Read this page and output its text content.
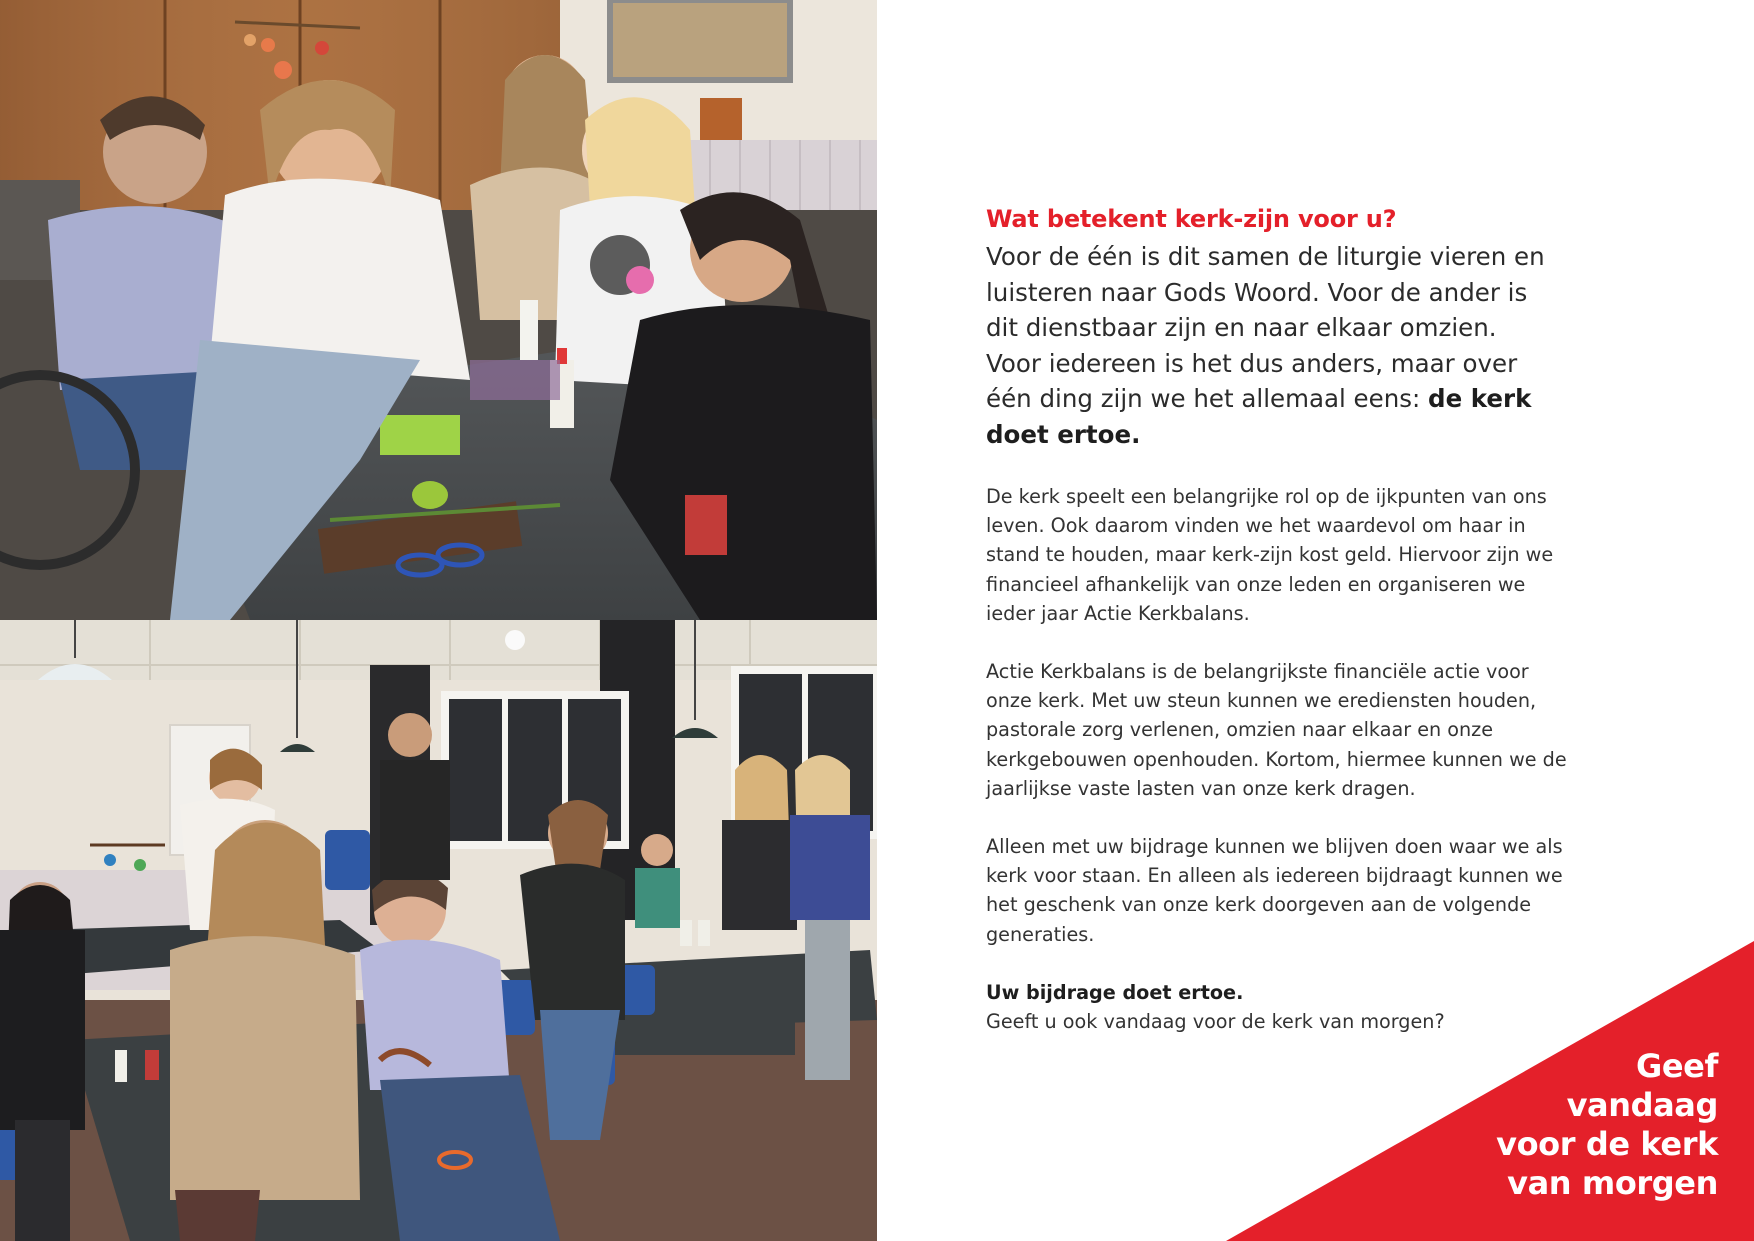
Wat betekent kerk-zijn voor u?

Voor de één is dit samen de liturgie vieren en luisteren naar Gods Woord. Voor de ander is dit dienstbaar zijn en naar elkaar omzien. Voor iedereen is het dus anders, maar over één ding zijn we het allemaal eens: de kerk doet ertoe.

De kerk speelt een belangrijke rol op de ijkpunten van ons leven. Ook daarom vinden we het waardevol om haar in stand te houden, maar kerk-zijn kost geld. Hiervoor zijn we financieel afhankelijk van onze leden en organiseren we ieder jaar Actie Kerkbalans.

Actie Kerkbalans is de belangrijkste financiële actie voor onze kerk. Met uw steun kunnen we erediensten houden, pastorale zorg verlenen, omzien naar elkaar en onze kerkgebouwen openhouden. Kortom, hiermee kunnen we de jaarlijkse vaste lasten van onze kerk dragen.

Alleen met uw bijdrage kunnen we blijven doen waar we als kerk voor staan. En alleen als iedereen bijdraagt kunnen we het geschenk van onze kerk doorgeven aan de volgende generaties.

Uw bijdrage doet ertoe.
Geeft u ook vandaag voor de kerk van morgen?

Geef
vandaag
voor de kerk
van morgen
